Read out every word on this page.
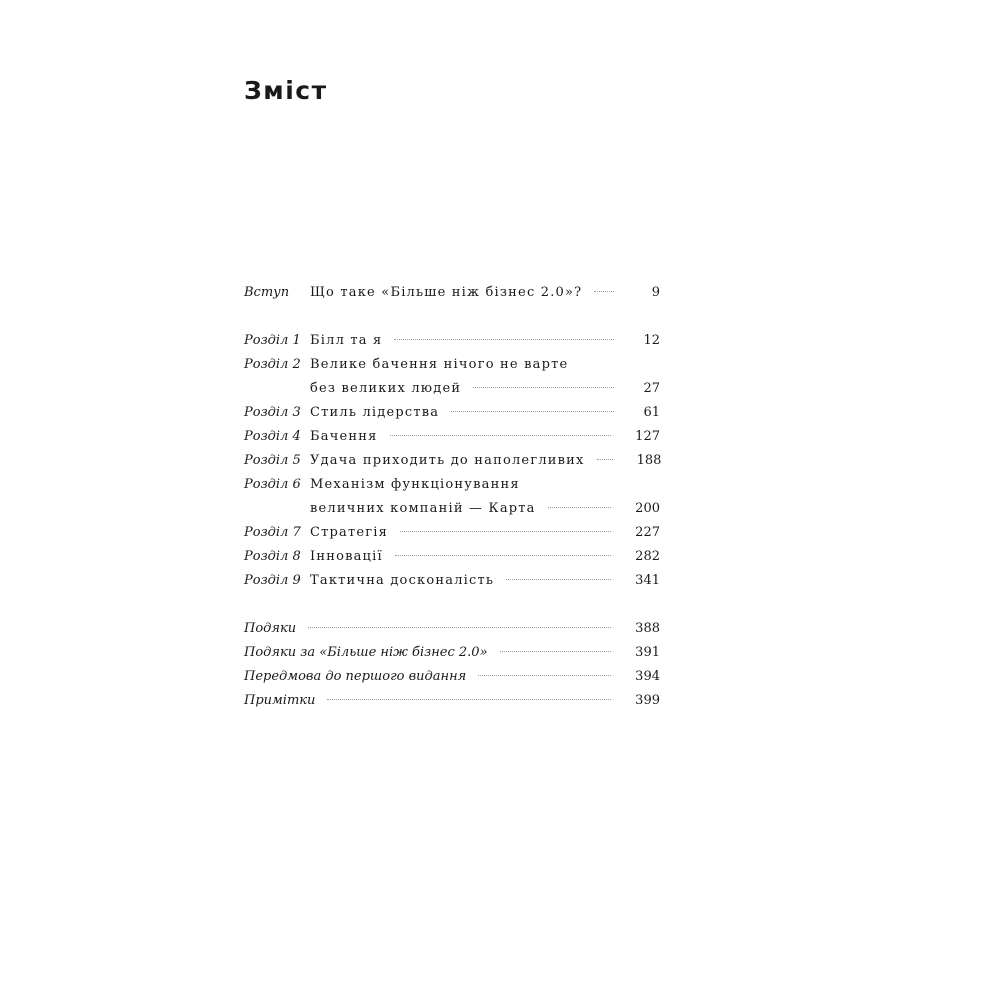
Зміст
Вступ	Що таке «Більше ніж бізнес 2.0»?	9
Розділ 1 Білл та я	12
Розділ 2 Велике бачення нічого не варте
без великих людей	27
Розділ 3 Стиль лідерства	61
Розділ 4 Бачення	127
Розділ 5 Удача приходить до наполегливих	188
Розділ 6 Механізм функціонування
величних компаній — Карта	200
Розділ 7 Стратегія	227
Розділ 8 Інновації	282
Розділ 9 Тактична досконалість	341
Подяки	388
Подяки за «Більше ніж бізнес 2.0»	391
Передмова до першого видання	394
Примітки	399
